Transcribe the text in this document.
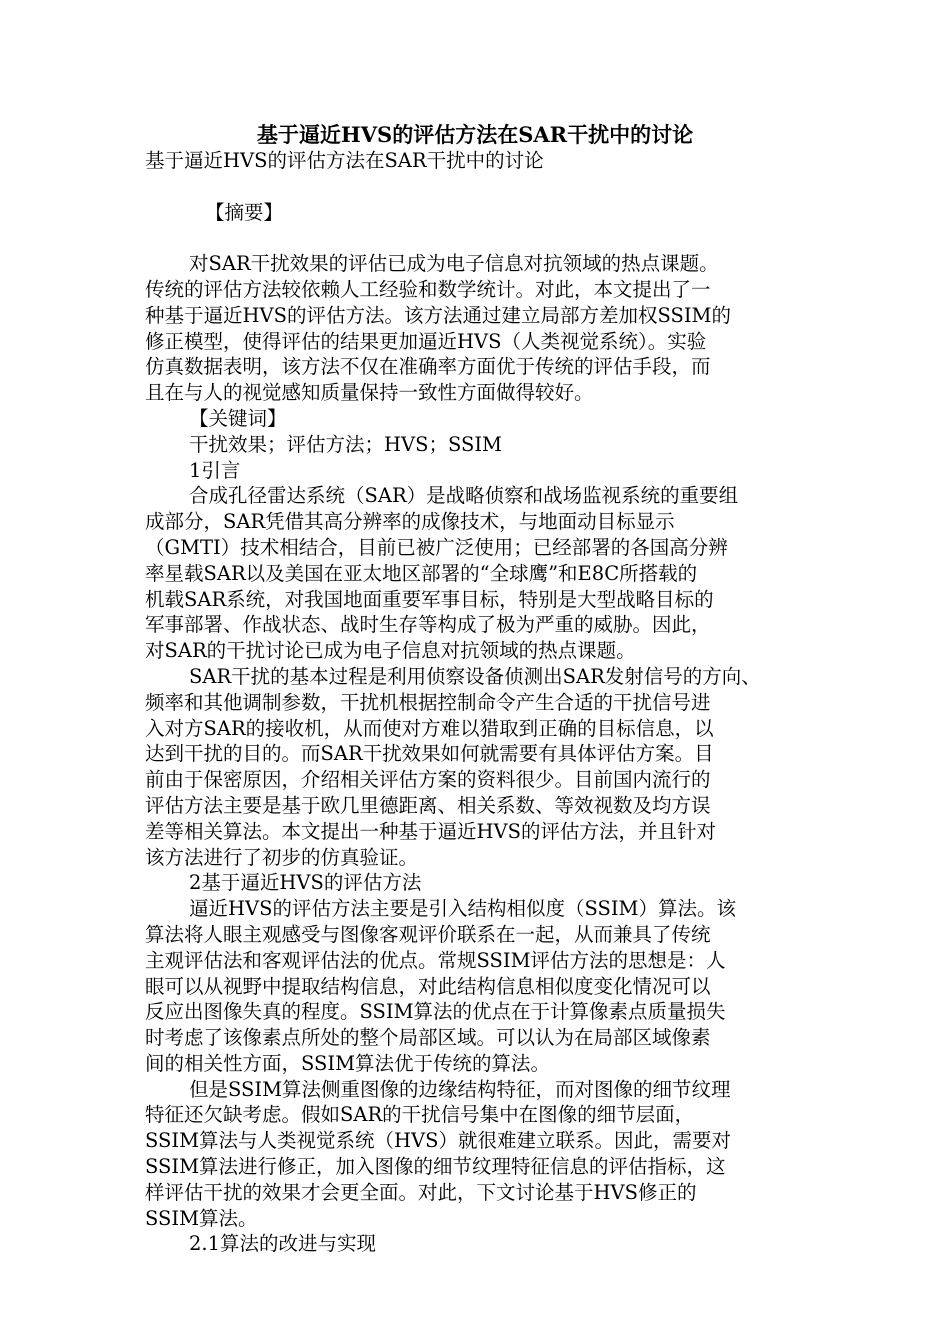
基于逼近HVS的评估方法在SAR干扰中的讨论
基于逼近HVS的评估方法在SAR干扰中的讨论
【摘要】
对SAR干扰效果的评估已成为电子信息对抗领域的热点课题。
传统的评估方法较依赖人工经验和数学统计。对此，本文提出了一
种基于逼近HVS的评估方法。该方法通过建立局部方差加权SSIM的
修正模型，使得评估的结果更加逼近HVS（人类视觉系统）。实验
仿真数据表明，该方法不仅在准确率方面优于传统的评估手段，而
且在与人的视觉感知质量保持一致性方面做得较好。
【关键词】
干扰效果；评估方法；HVS；SSIM
1引言
合成孔径雷达系统（SAR）是战略侦察和战场监视系统的重要组
成部分，SAR凭借其高分辨率的成像技术，与地面动目标显示
（GMTI）技术相结合，目前已被广泛使用；已经部署的各国高分辨
率星载SAR以及美国在亚太地区部署的“全球鹰”和E8C所搭载的
机载SAR系统，对我国地面重要军事目标，特别是大型战略目标的
军事部署、作战状态、战时生存等构成了极为严重的威胁。因此，
对SAR的干扰讨论已成为电子信息对抗领域的热点课题。
SAR干扰的基本过程是利用侦察设备侦测出SAR发射信号的方向、
频率和其他调制参数，干扰机根据控制命令产生合适的干扰信号进
入对方SAR的接收机，从而使对方难以猎取到正确的目标信息，以
达到干扰的目的。而SAR干扰效果如何就需要有具体评估方案。目
前由于保密原因，介绍相关评估方案的资料很少。目前国内流行的
评估方法主要是基于欧几里德距离、相关系数、等效视数及均方误
差等相关算法。本文提出一种基于逼近HVS的评估方法，并且针对
该方法进行了初步的仿真验证。
2基于逼近HVS的评估方法
逼近HVS的评估方法主要是引入结构相似度（SSIM）算法。该
算法将人眼主观感受与图像客观评价联系在一起，从而兼具了传统
主观评估法和客观评估法的优点。常规SSIM评估方法的思想是：人
眼可以从视野中提取结构信息，对此结构信息相似度变化情况可以
反应出图像失真的程度。SSIM算法的优点在于计算像素点质量损失
时考虑了该像素点所处的整个局部区域。可以认为在局部区域像素
间的相关性方面，SSIM算法优于传统的算法。
但是SSIM算法侧重图像的边缘结构特征，而对图像的细节纹理
特征还欠缺考虑。假如SAR的干扰信号集中在图像的细节层面，
SSIM算法与人类视觉系统（HVS）就很难建立联系。因此，需要对
SSIM算法进行修正，加入图像的细节纹理特征信息的评估指标，这
样评估干扰的效果才会更全面。对此，下文讨论基于HVS修正的
SSIM算法。
2.1算法的改进与实现
